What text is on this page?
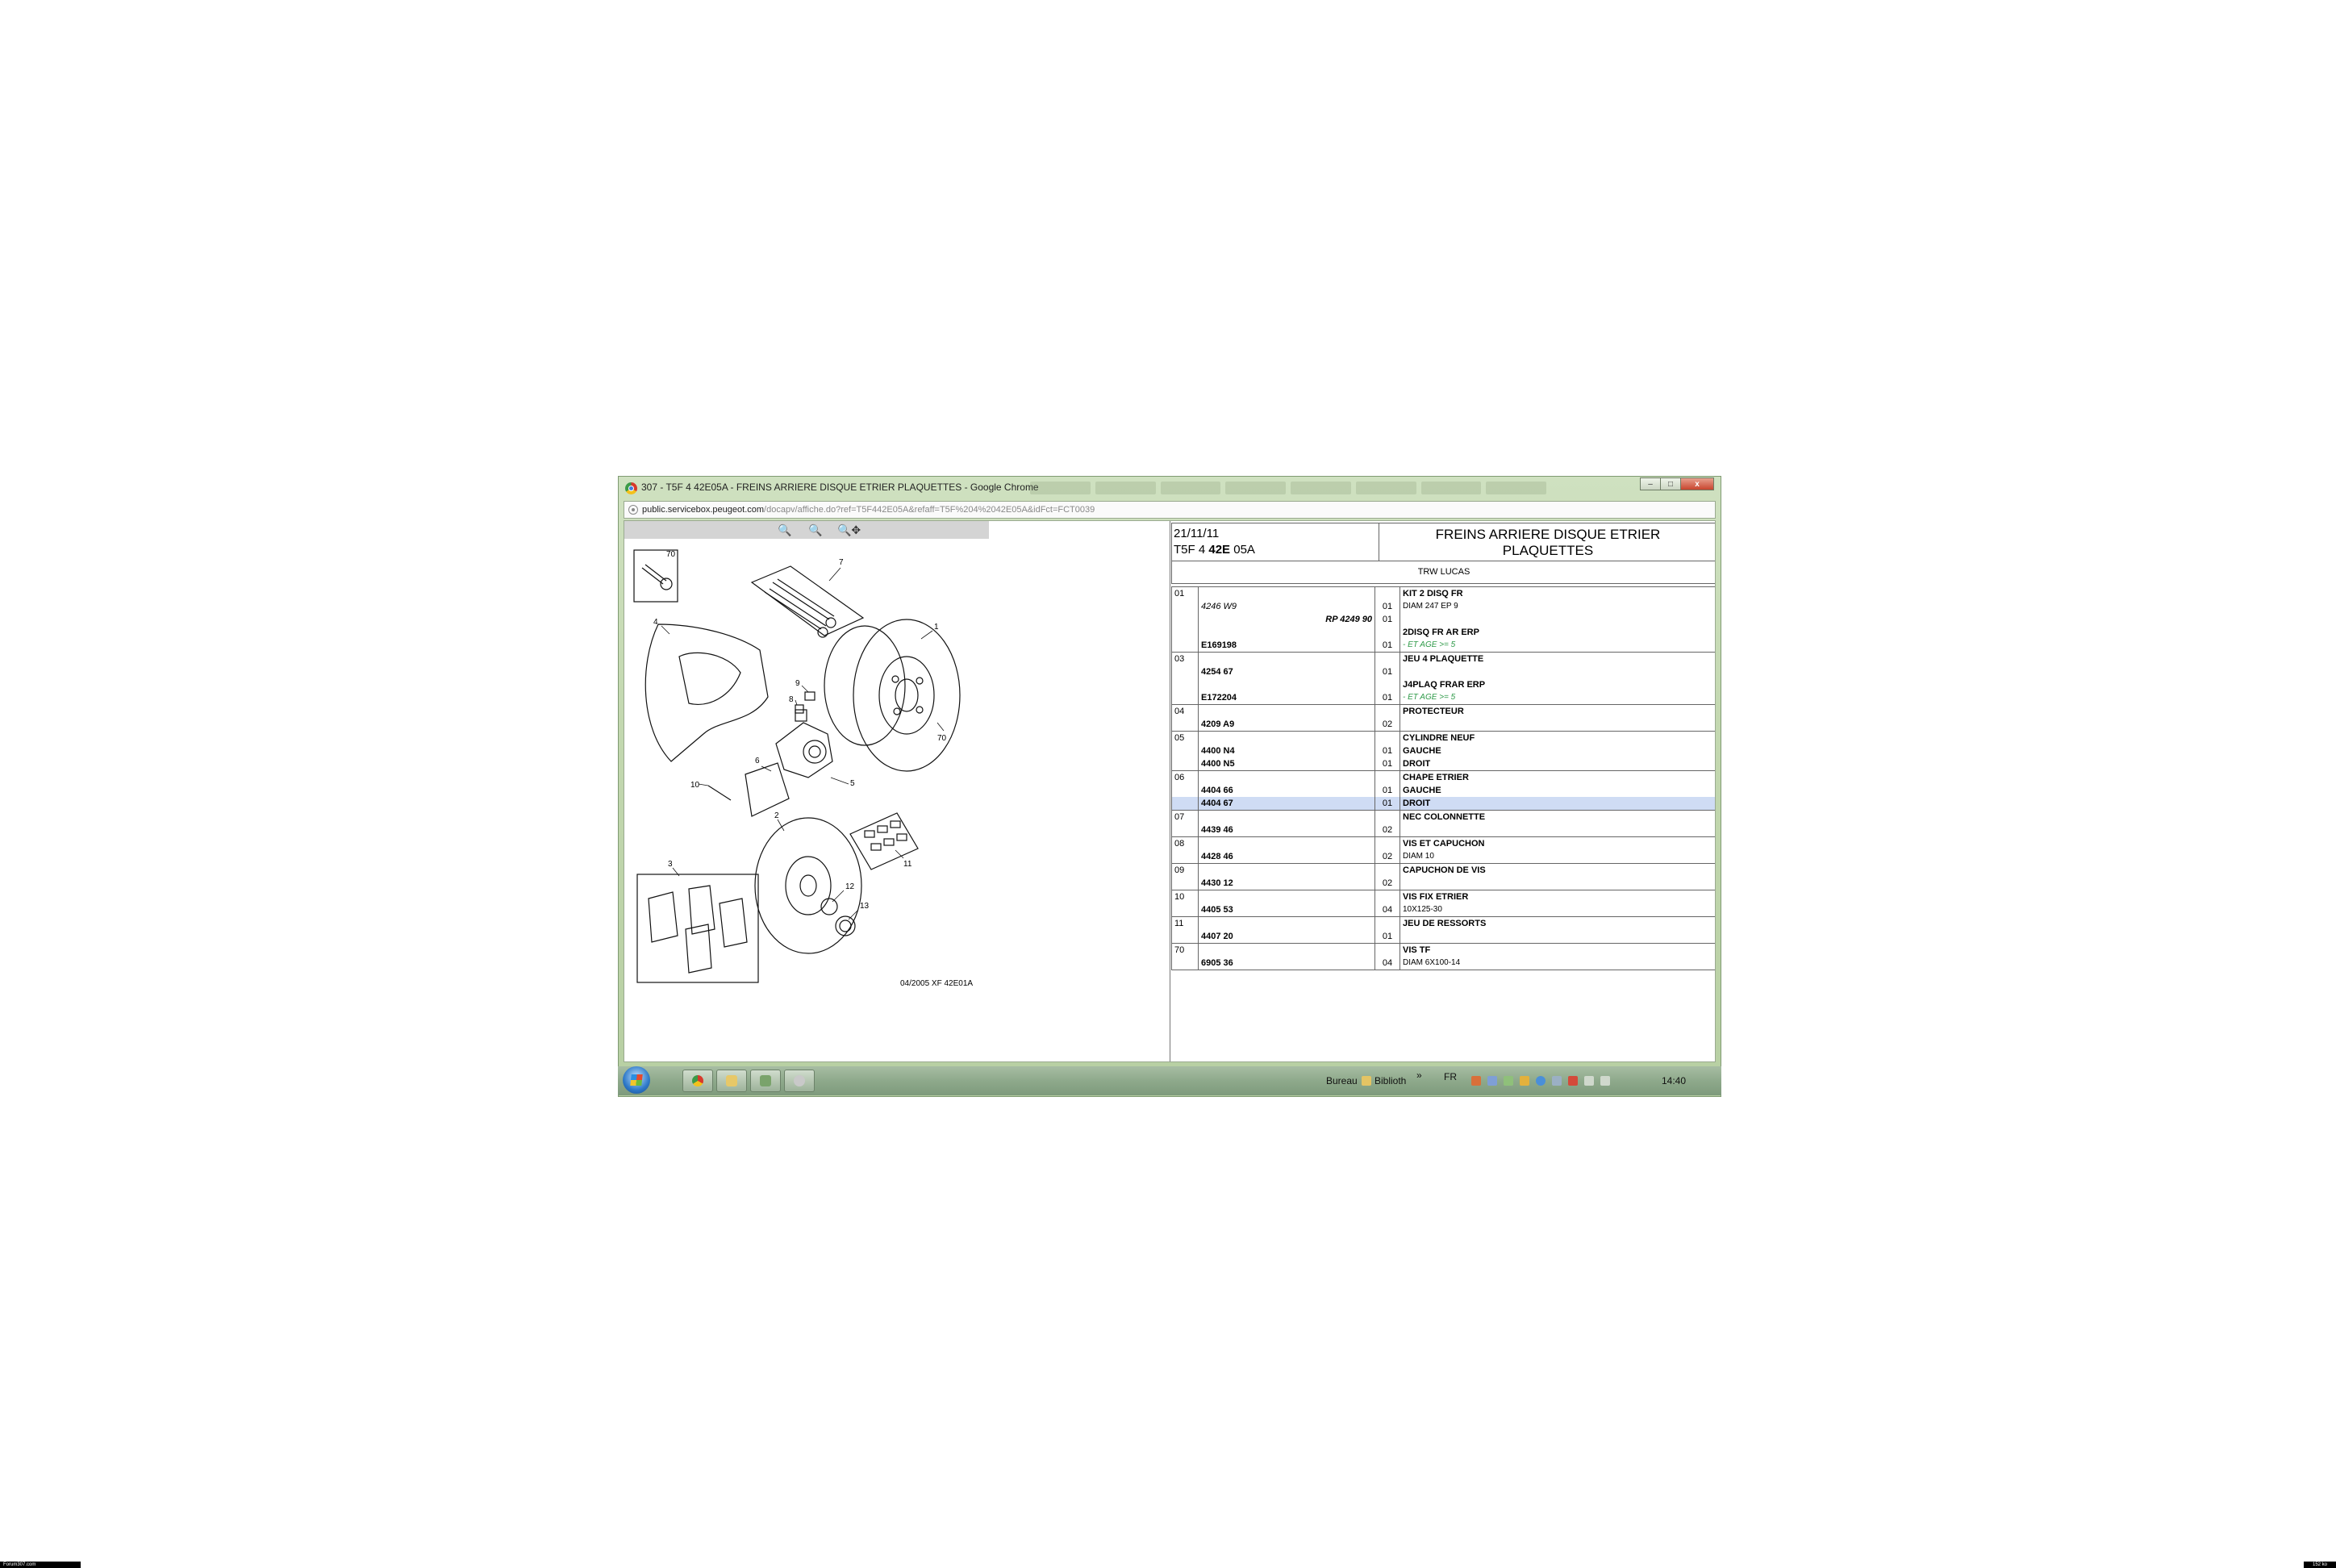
307 - T5F 4 42E05A - FREINS ARRIERE DISQUE ETRIER PLAQUETTES - Google Chrome	–	□	x
public.servicebox.peugeot.com/docapv/affiche.do?ref=T5F442E05A&refaff=T5F%204%2042E05A&idFct=FCT0039
🔍 🔍 🔍✥
70
7
4
1
9
8
70
6
10	5
2
3	11
12
13
04/2005 XF 42E01A
21/11/11
T5F 4 42E 05A
FREINS ARRIERE DISQUE ETRIER
PLAQUETTES
TRW LUCAS
01			KIT 2 DISQ FR
	4246 W9	01	DIAM 247 EP 9
	RP 4249 90	01	
			2DISQ FR AR ERP
	E169198	01	- ET AGE >= 5
03			JEU 4 PLAQUETTE
	4254 67	01	
			J4PLAQ FRAR ERP
	E172204	01	- ET AGE >= 5
04			PROTECTEUR
	4209 A9	02	
05			CYLINDRE NEUF
	4400 N4	01	GAUCHE
	4400 N5	01	DROIT
06			CHAPE ETRIER
	4404 66	01	GAUCHE
	4404 67	01	DROIT
07			NEC COLONNETTE
	4439 46	02	
08			VIS ET CAPUCHON
	4428 46	02	DIAM 10
09			CAPUCHON DE VIS
	4430 12	02	
10			VIS FIX ETRIER
	4405 53	04	10X125-30
11			JEU DE RESSORTS
	4407 20	01	
70			VIS TF
	6905 36	04	DIAM 6X100-14
Bureau Biblioth » FR	14:40
Forum307.com	152 ko
